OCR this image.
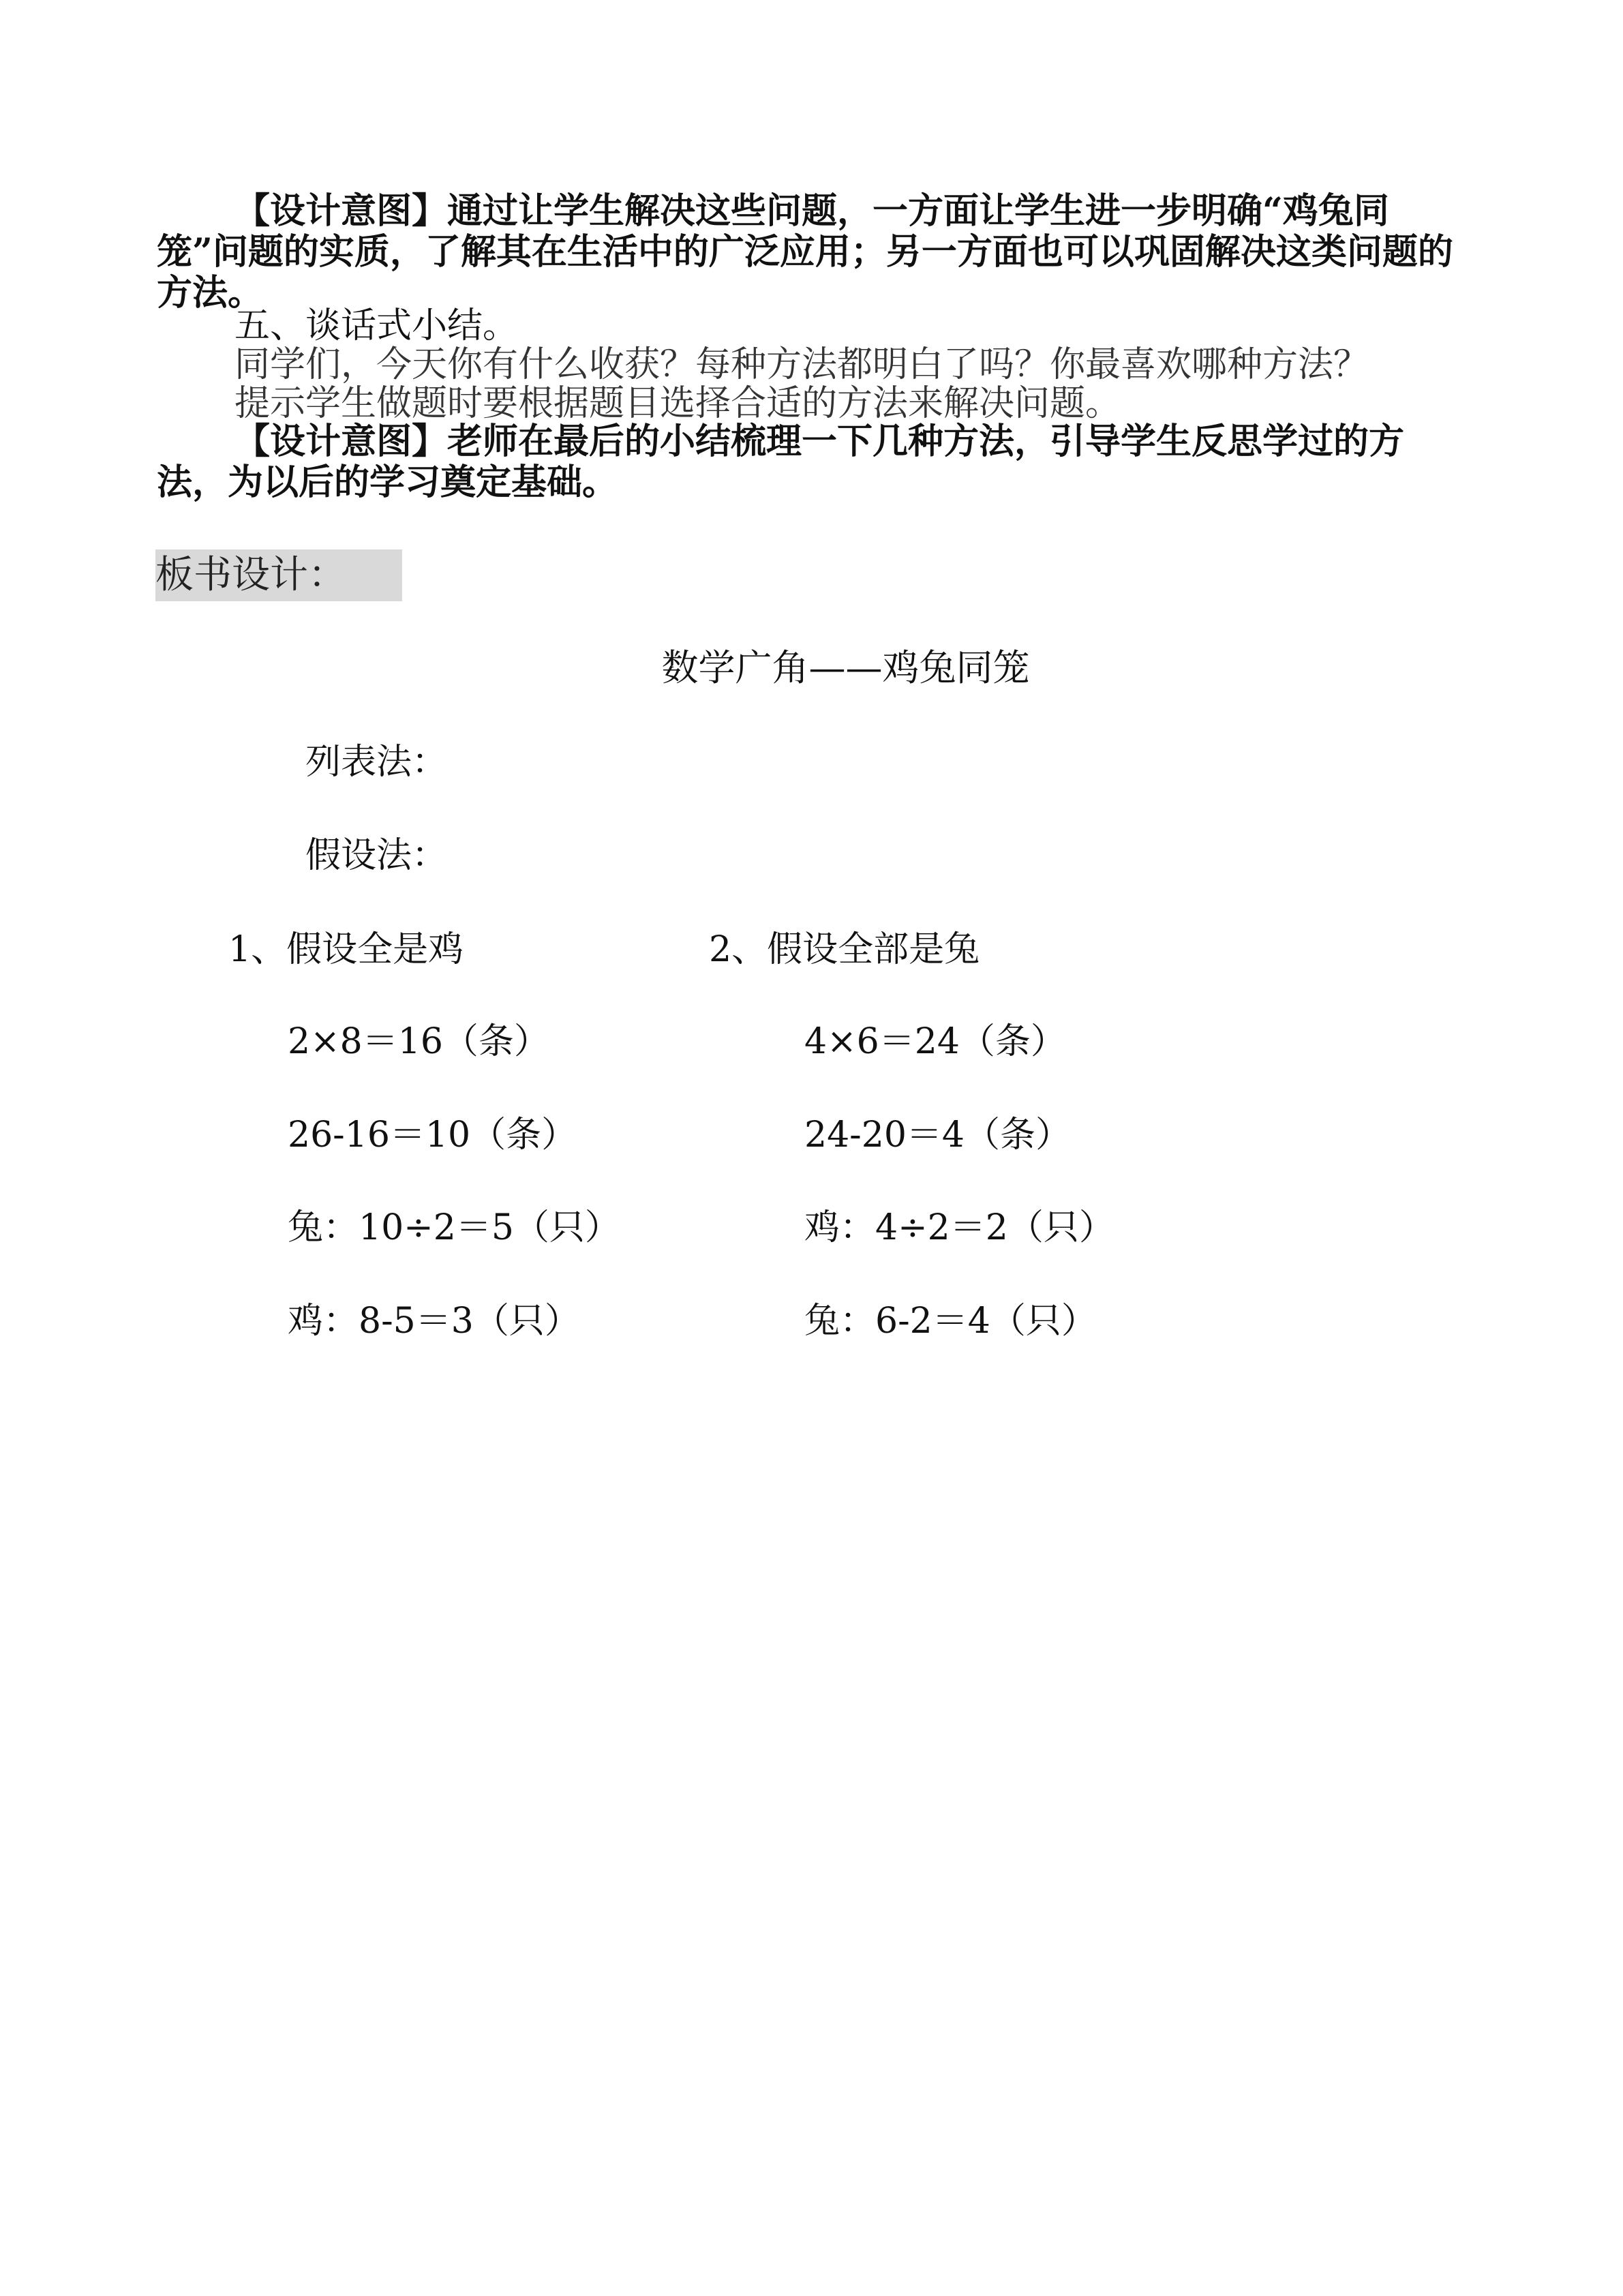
【设计意图】通过让学生解决这些问题，一方面让学生进一步明确“鸡兔同笼”问题的实质，了解其在生活中的广泛应用；另一方面也可以巩固解决这类问题的方法。

五、谈话式小结。

同学们，今天你有什么收获？每种方法都明白了吗？你最喜欢哪种方法？

提示学生做题时要根据题目选择合适的方法来解决问题。

【设计意图】老师在最后的小结梳理一下几种方法，引导学生反思学过的方法，为以后的学习奠定基础。

板书设计：
数学广角——鸡兔同笼
列表法：
假设法：
1、假设全是鸡	2、假设全部是兔
2×8＝16（条）	4×6＝24（条）
26-16＝10（条）	24-20＝4（条）
兔：10÷2＝5（只）	鸡：4÷2＝2（只）
鸡：8-5＝3（只）	兔：6-2＝4（只）
